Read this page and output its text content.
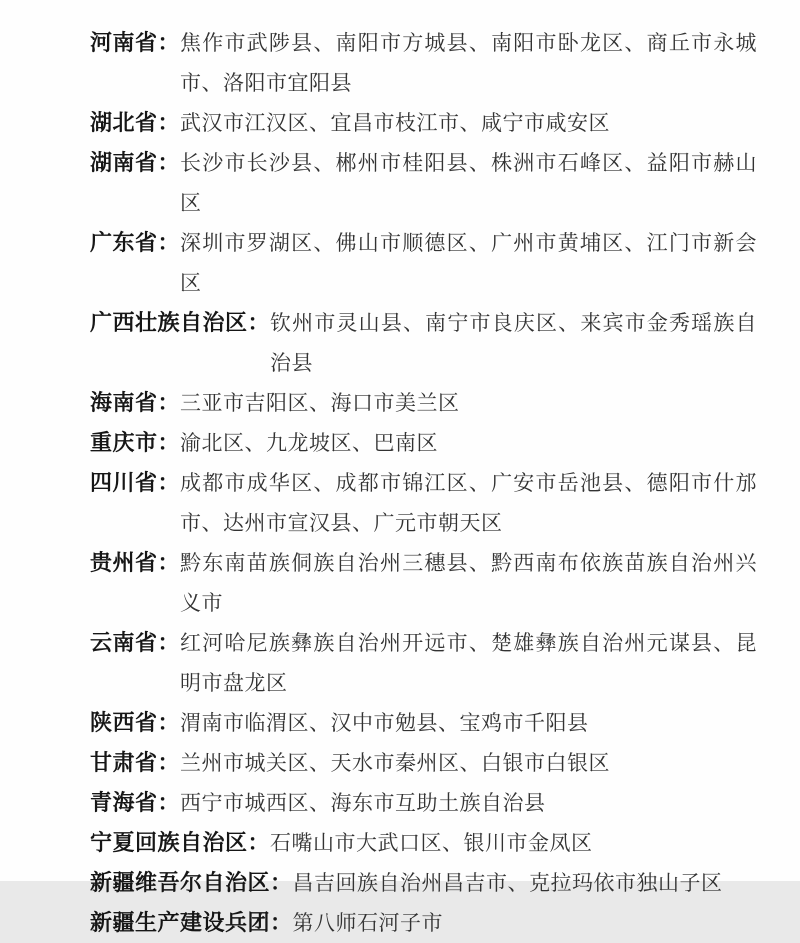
河南省： 焦作市武陟县、南阳市方城县、南阳市卧龙区、商丘市永城市、洛阳市宜阳县
湖北省： 武汉市江汉区、宜昌市枝江市、咸宁市咸安区
湖南省： 长沙市长沙县、郴州市桂阳县、株洲市石峰区、益阳市赫山区
广东省： 深圳市罗湖区、佛山市顺德区、广州市黄埔区、江门市新会区
广西壮族自治区： 钦州市灵山县、南宁市良庆区、来宾市金秀瑶族自治县
海南省： 三亚市吉阳区、海口市美兰区
重庆市： 渝北区、九龙坡区、巴南区
四川省： 成都市成华区、成都市锦江区、广安市岳池县、德阳市什邡市、达州市宣汉县、广元市朝天区
贵州省： 黔东南苗族侗族自治州三穗县、黔西南布依族苗族自治州兴义市
云南省： 红河哈尼族彝族自治州开远市、楚雄彝族自治州元谋县、昆明市盘龙区
陕西省： 渭南市临渭区、汉中市勉县、宝鸡市千阳县
甘肃省： 兰州市城关区、天水市秦州区、白银市白银区
青海省： 西宁市城西区、海东市互助土族自治县
宁夏回族自治区： 石嘴山市大武口区、银川市金凤区
新疆维吾尔自治区： 昌吉回族自治州昌吉市、克拉玛依市独山子区
新疆生产建设兵团： 第八师石河子市
